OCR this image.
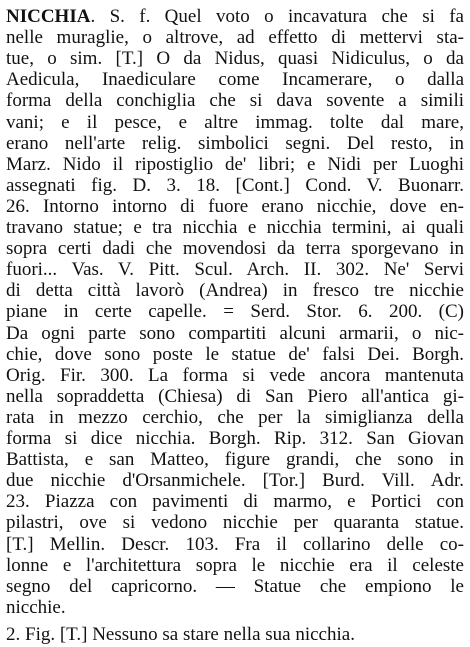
NICCHIA. S. f. Quel voto o incavatura che si fa
nelle muraglie, o altrove, ad effetto di mettervi sta-
tue, o sim. [T.] O da Nidus, quasi Nidiculus, o da
Aedicula, Inaediculare come Incamerare, o dalla
forma della conchiglia che si dava sovente a simili
vani; e il pesce, e altre immag. tolte dal mare,
erano nell'arte relig. simbolici segni. Del resto, in
Marz. Nido il ripostiglio de' libri; e Nidi per Luoghi
assegnati fig. D. 3. 18. [Cont.] Cond. V. Buonarr.
26. Intorno intorno di fuore erano nicchie, dove en-
travano statue; e tra nicchia e nicchia termini, ai quali
sopra certi dadi che movendosi da terra sporgevano in
fuori... Vas. V. Pitt. Scul. Arch. II. 302. Ne' Servi
di detta città lavorò (Andrea) in fresco tre nicchie
piane in certe capelle. = Serd. Stor. 6. 200. (C)
Da ogni parte sono compartiti alcuni armarii, o nic-
chie, dove sono poste le statue de' falsi Dei. Borgh.
Orig. Fir. 300. La forma si vede ancora mantenuta
nella sopraddetta (Chiesa) di San Piero all'antica gi-
rata in mezzo cerchio, che per la simiglianza della
forma si dice nicchia. Borgh. Rip. 312. San Giovan
Battista, e san Matteo, figure grandi, che sono in
due nicchie d'Orsanmichele. [Tor.] Burd. Vill. Adr.
23. Piazza con pavimenti di marmo, e Portici con
pilastri, ove si vedono nicchie per quaranta statue.
[T.] Mellin. Descr. 103. Fra il collarino delle co-
lonne e l'architettura sopra le nicchie era il celeste
segno del capricorno. — Statue che empiono le
nicchie.
2. Fig. [T.] Nessuno sa stare nella sua nicchia.
